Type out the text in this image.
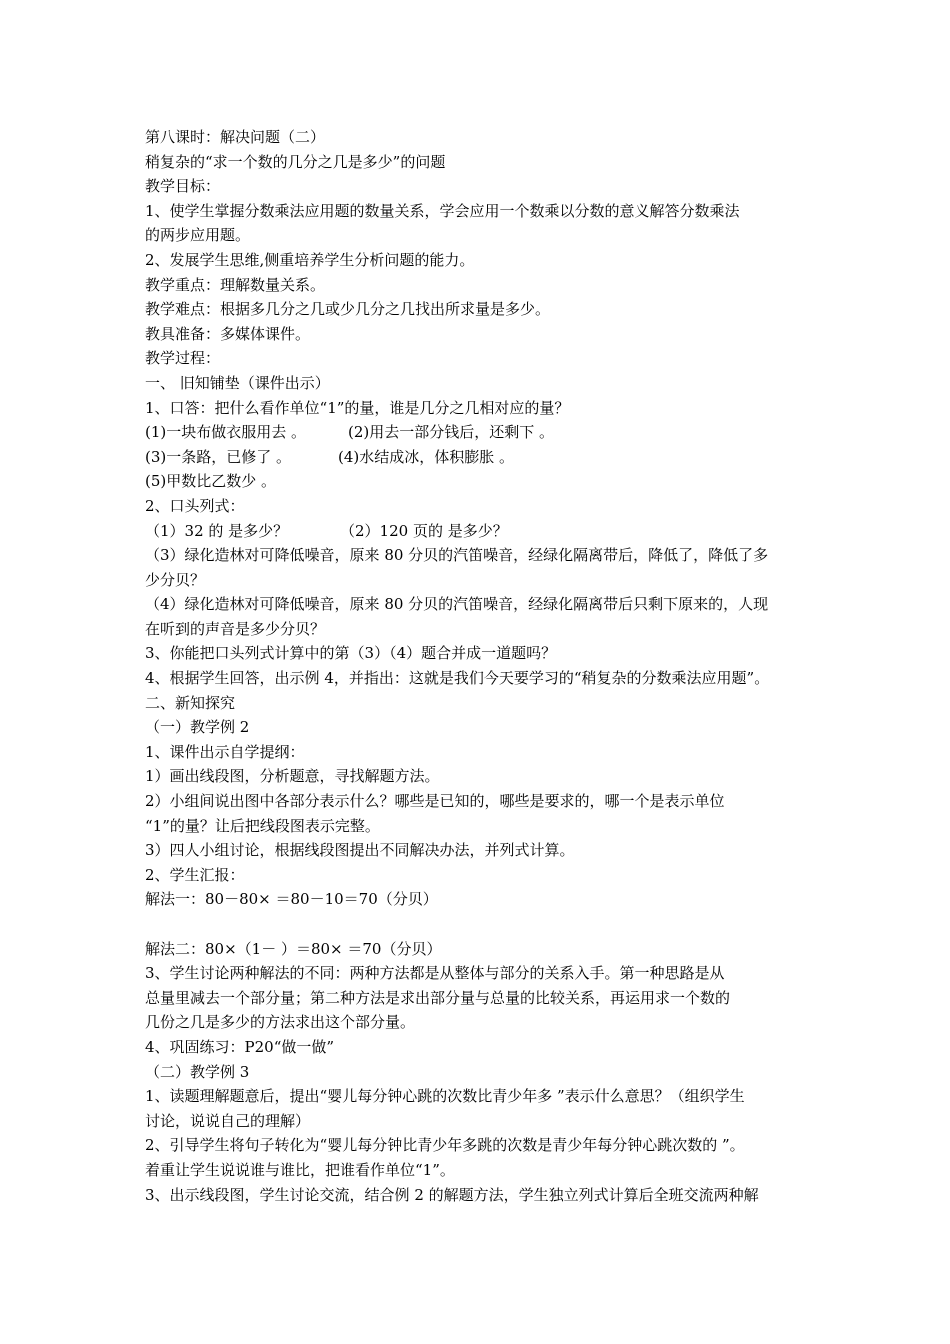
第八课时：解决问题（二）
稍复杂的“求一个数的几分之几是多少”的问题
教学目标：
1、使学生掌握分数乘法应用题的数量关系，学会应用一个数乘以分数的意义解答分数乘法
的两步应用题。
2、发展学生思维,侧重培养学生分析问题的能力。
教学重点：理解数量关系。
教学难点：根据多几分之几或少几分之几找出所求量是多少。
教具准备：多媒体课件。
教学过程：
一、 旧知铺垫（课件出示）
1、口答：把什么看作单位“1”的量，谁是几分之几相对应的量？
(1)一块布做衣服用去 。	(2)用去一部分钱后，还剩下 。
(3)一条路，已修了 。	(4)水结成冰，体积膨胀 。
(5)甲数比乙数少 。
2、口头列式：
（1）32 的 是多少？	（2）120 页的 是多少？
（3）绿化造林对可降低噪音，原来 80 分贝的汽笛噪音，经绿化隔离带后，降低了，降低了多
少分贝？
（4）绿化造林对可降低噪音，原来 80 分贝的汽笛噪音，经绿化隔离带后只剩下原来的，人现
在听到的声音是多少分贝？
3、你能把口头列式计算中的第（3）（4）题合并成一道题吗？
4、根据学生回答，出示例 4，并指出：这就是我们今天要学习的“稍复杂的分数乘法应用题”。
二、新知探究
（一）教学例 2
1、课件出示自学提纲：
1）画出线段图，分析题意，寻找解题方法。
2）小组间说出图中各部分表示什么？哪些是已知的，哪些是要求的，哪一个是表示单位
“1”的量？让后把线段图表示完整。
3）四人小组讨论，根据线段图提出不同解决办法，并列式计算。
2、学生汇报：
解法一：80－80× ＝80－10＝70（分贝）
解法二：80×（1－ ）＝80× ＝70（分贝）
3、学生讨论两种解法的不同：两种方法都是从整体与部分的关系入手。第一种思路是从
总量里减去一个部分量；第二种方法是求出部分量与总量的比较关系，再运用求一个数的
几份之几是多少的方法求出这个部分量。
4、巩固练习：P20“做一做”
（二）教学例 3
1、读题理解题意后，提出“婴儿每分钟心跳的次数比青少年多 ”表示什么意思？（组织学生
讨论，说说自己的理解）
2、引导学生将句子转化为“婴儿每分钟比青少年多跳的次数是青少年每分钟心跳次数的 ”。
着重让学生说说谁与谁比，把谁看作单位“1”。
3、出示线段图，学生讨论交流，结合例 2 的解题方法，学生独立列式计算后全班交流两种解
